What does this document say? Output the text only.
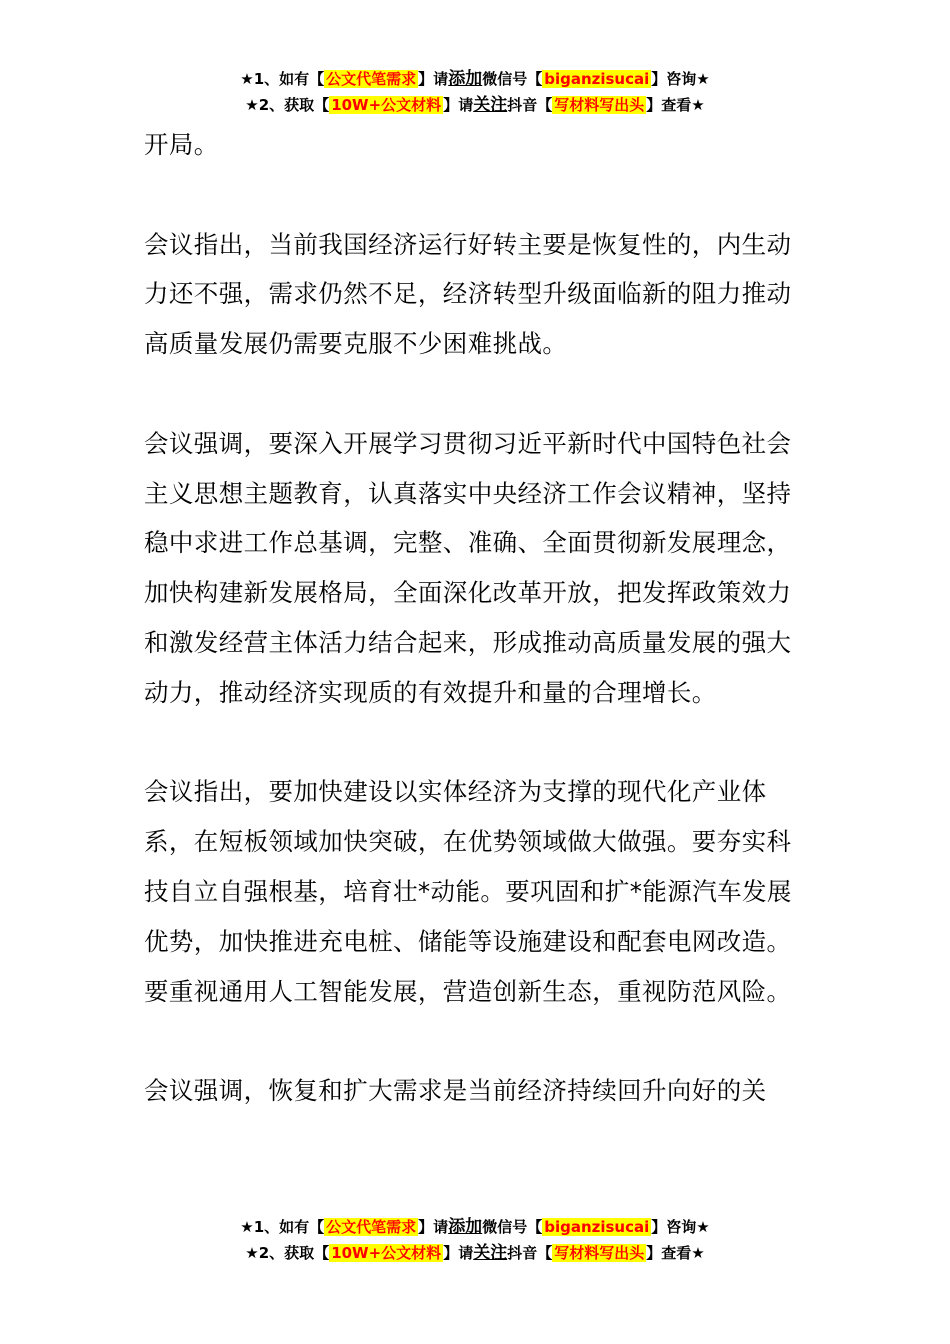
★1、如有【 公文代笔需求 】请添加微信号【 biganzisucai 】咨询★
★2、获取【 10W+公文材料 】请关注抖音【 写材料写出头 】查看★

开局。

会议指出，当前我国经济运行好转主要是恢复性的，内生动力还不强，需求仍然不足，经济转型升级面临新的阻力推动高质量发展仍需要克服不少困难挑战。

会议强调，要深入开展学习贯彻习近平新时代中国特色社会主义思想主题教育，认真落实中央经济工作会议精神，坚持稳中求进工作总基调，完整、准确、全面贯彻新发展理念，加快构建新发展格局，全面深化改革开放，把发挥政策效力和激发经营主体活力结合起来，形成推动高质量发展的强大动力，推动经济实现质的有效提升和量的合理增长。

会议指出，要加快建设以实体经济为支撑的现代化产业体系，在短板领域加快突破，在优势领域做大做强。要夯实科技自立自强根基，培育壮*动能。要巩固和扩*能源汽车发展优势，加快推进充电桩、储能等设施建设和配套电网改造。要重视通用人工智能发展，营造创新生态，重视防范风险。

会议强调，恢复和扩大需求是当前经济持续回升向好的关

★1、如有【 公文代笔需求 】请添加微信号【 biganzisucai 】咨询★
★2、获取【 10W+公文材料 】请关注抖音【 写材料写出头 】查看★
